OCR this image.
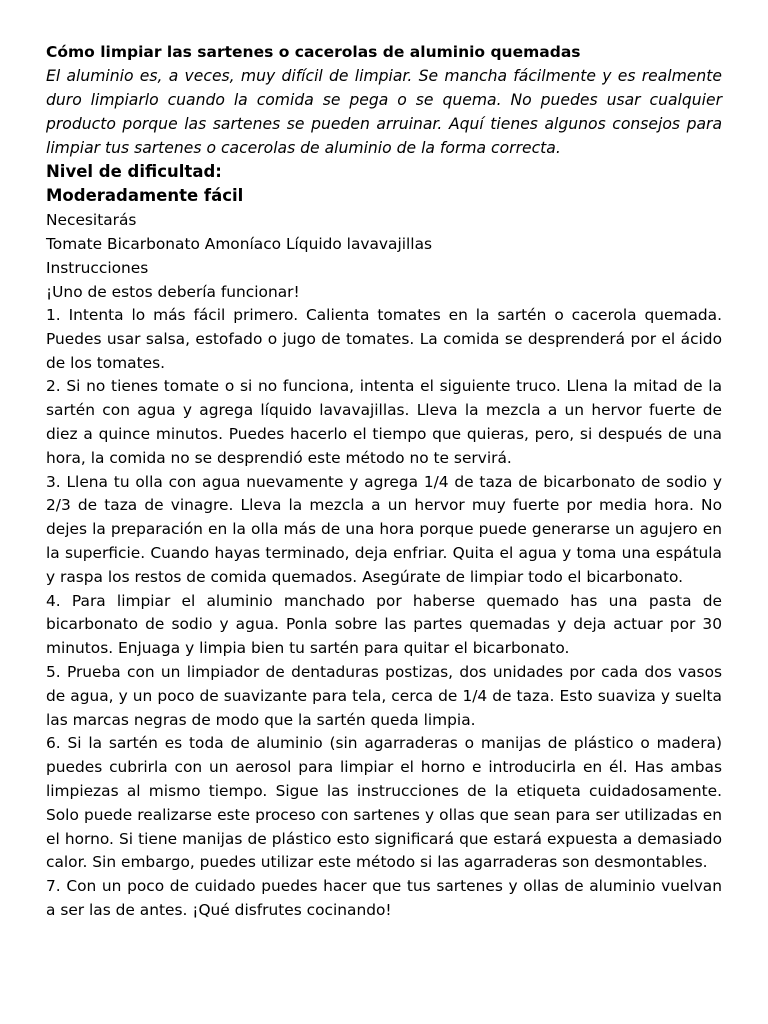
Cómo limpiar las sartenes o cacerolas de aluminio quemadas

El aluminio es, a veces, muy difícil de limpiar. Se mancha fácilmente y es realmente duro limpiarlo cuando la comida se pega o se quema. No puedes usar cualquier producto porque las sartenes se pueden arruinar. Aquí tienes algunos consejos para limpiar tus sartenes o cacerolas de aluminio de la forma correcta.

Nivel de dificultad:

Moderadamente fácil

Necesitarás

Tomate Bicarbonato Amoníaco Líquido lavavajillas

Instrucciones

¡Uno de estos debería funcionar!

1. Intenta lo más fácil primero. Calienta tomates en la sartén o cacerola quemada. Puedes usar salsa, estofado o jugo de tomates. La comida se desprenderá por el ácido de los tomates.

2. Si no tienes tomate o si no funciona, intenta el siguiente truco. Llena la mitad de la sartén con agua y agrega líquido lavavajillas. Lleva la mezcla a un hervor fuerte de diez a quince minutos. Puedes hacerlo el tiempo que quieras, pero, si después de una hora, la comida no se desprendió este método no te servirá.

3. Llena tu olla con agua nuevamente y agrega 1/4 de taza de bicarbonato de sodio y 2/3 de taza de vinagre. Lleva la mezcla a un hervor muy fuerte por media hora. No dejes la preparación en la olla más de una hora porque puede generarse un agujero en la superficie. Cuando hayas terminado, deja enfriar. Quita el agua y toma una espátula y raspa los restos de comida quemados. Asegúrate de limpiar todo el bicarbonato.

4. Para limpiar el aluminio manchado por haberse quemado has una pasta de bicarbonato de sodio y agua. Ponla sobre las partes quemadas y deja actuar por 30 minutos. Enjuaga y limpia bien tu sartén para quitar el bicarbonato.

5. Prueba con un limpiador de dentaduras postizas, dos unidades por cada dos vasos de agua, y un poco de suavizante para tela, cerca de 1/4 de taza. Esto suaviza y suelta las marcas negras de modo que la sartén queda limpia.

6. Si la sartén es toda de aluminio (sin agarraderas o manijas de plástico o madera) puedes cubrirla con un aerosol para limpiar el horno e introducirla en él. Has ambas limpiezas al mismo tiempo. Sigue las instrucciones de la etiqueta cuidadosamente. Solo puede realizarse este proceso con sartenes y ollas que sean para ser utilizadas en el horno. Si tiene manijas de plástico esto significará que estará expuesta a demasiado calor. Sin embargo, puedes utilizar este método si las agarraderas son desmontables.

7. Con un poco de cuidado puedes hacer que tus sartenes y ollas de aluminio vuelvan a ser las de antes. ¡Qué disfrutes cocinando!
